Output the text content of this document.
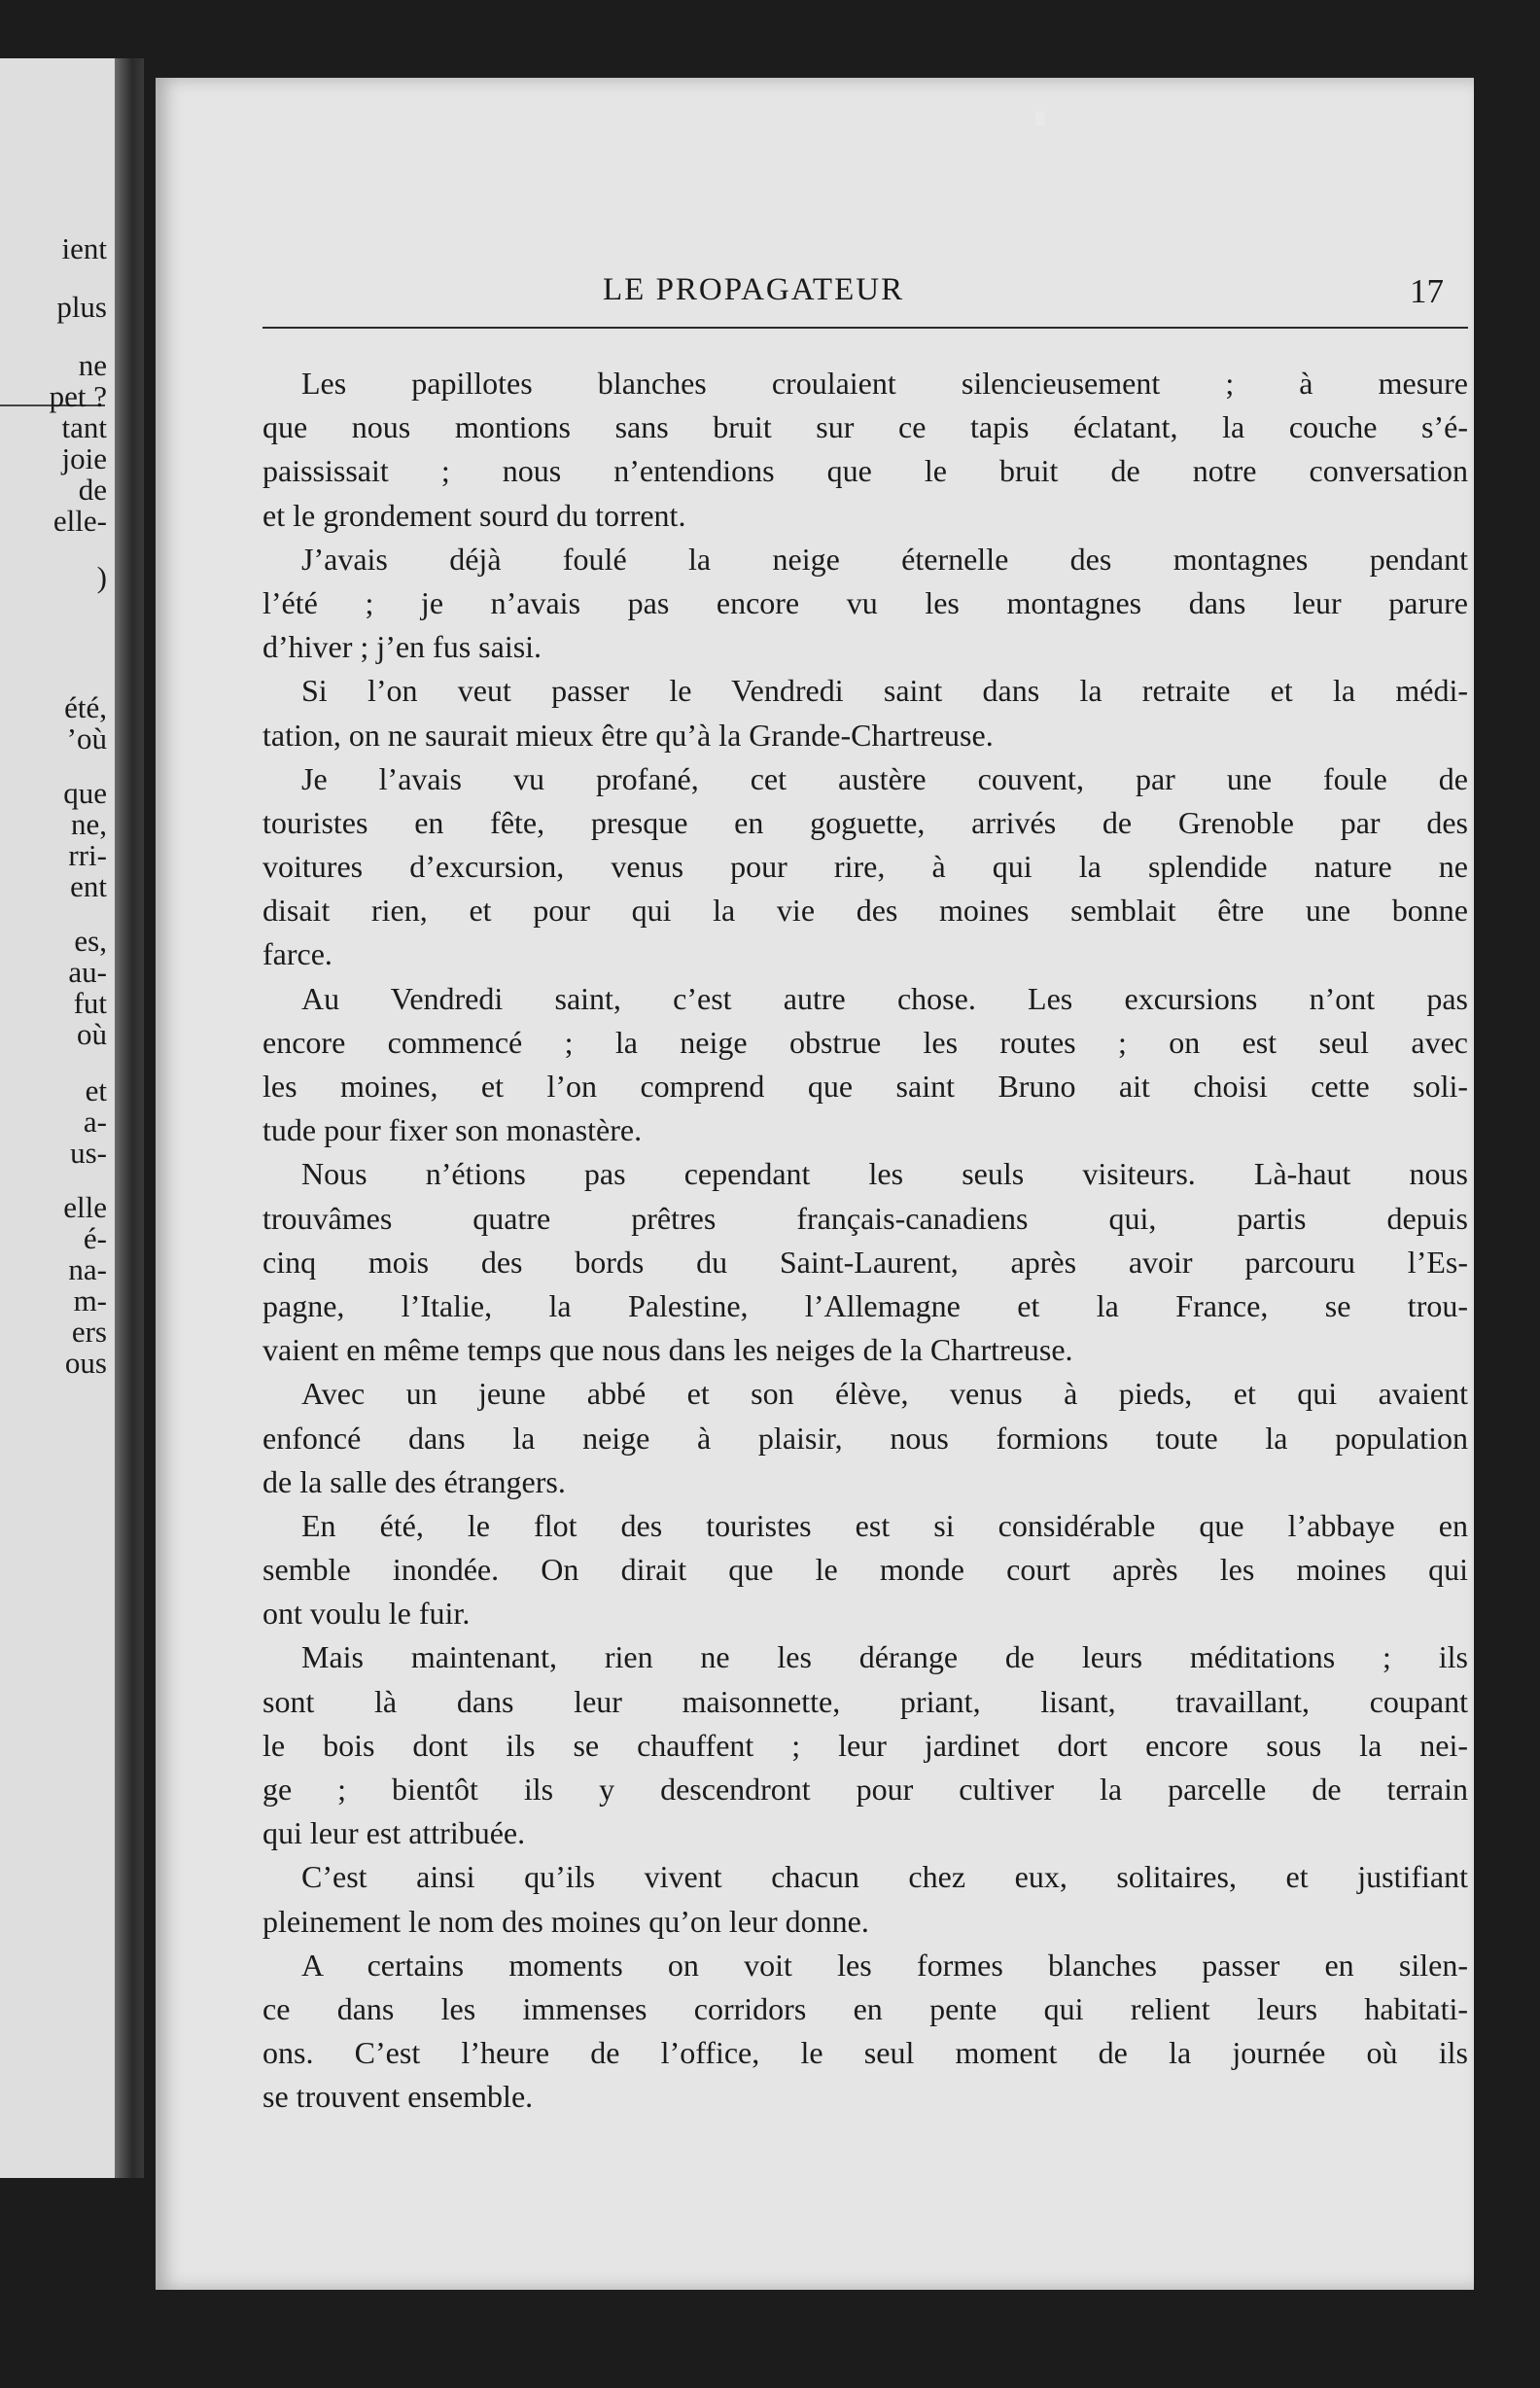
ient
plus
ne
pet ?
tant
joie
de
elle-
)
été,
’où
que
ne,
rri-
ent
es,
au-
fut
où
et
a-
us-
elle
é-
na-
m-
ers
ous
LE PROPAGATEUR	17
Les papillotes blanches croulaient silencieusement ; à mesure
que nous montions sans bruit sur ce tapis éclatant, la couche s’é-
paississait ; nous n’entendions que le bruit de notre conversation
et le grondement sourd du torrent.
J’avais déjà foulé la neige éternelle des montagnes pendant
l’été ; je n’avais pas encore vu les montagnes dans leur parure
d’hiver ; j’en fus saisi.
Si l’on veut passer le Vendredi saint dans la retraite et la médi-
tation, on ne saurait mieux être qu’à la Grande-Chartreuse.
Je l’avais vu profané, cet austère couvent, par une foule de
touristes en fête, presque en goguette, arrivés de Grenoble par des
voitures d’excursion, venus pour rire, à qui la splendide nature ne
disait rien, et pour qui la vie des moines semblait être une bonne
farce.
Au Vendredi saint, c’est autre chose. Les excursions n’ont pas
encore commencé ; la neige obstrue les routes ; on est seul avec
les moines, et l’on comprend que saint Bruno ait choisi cette soli-
tude pour fixer son monastère.
Nous n’étions pas cependant les seuls visiteurs. Là-haut nous
trouvâmes quatre prêtres français-canadiens qui, partis depuis
cinq mois des bords du Saint-Laurent, après avoir parcouru l’Es-
pagne, l’Italie, la Palestine, l’Allemagne et la France, se trou-
vaient en même temps que nous dans les neiges de la Chartreuse.
Avec un jeune abbé et son élève, venus à pieds, et qui avaient
enfoncé dans la neige à plaisir, nous formions toute la population
de la salle des étrangers.
En été, le flot des touristes est si considérable que l’abbaye en
semble inondée. On dirait que le monde court après les moines qui
ont voulu le fuir.
Mais maintenant, rien ne les dérange de leurs méditations ; ils
sont là dans leur maisonnette, priant, lisant, travaillant, coupant
le bois dont ils se chauffent ; leur jardinet dort encore sous la nei-
ge ; bientôt ils y descendront pour cultiver la parcelle de terrain
qui leur est attribuée.
C’est ainsi qu’ils vivent chacun chez eux, solitaires, et justifiant
pleinement le nom des moines qu’on leur donne.
A certains moments on voit les formes blanches passer en silen-
ce dans les immenses corridors en pente qui relient leurs habitati-
ons. C’est l’heure de l’office, le seul moment de la journée où ils
se trouvent ensemble.
